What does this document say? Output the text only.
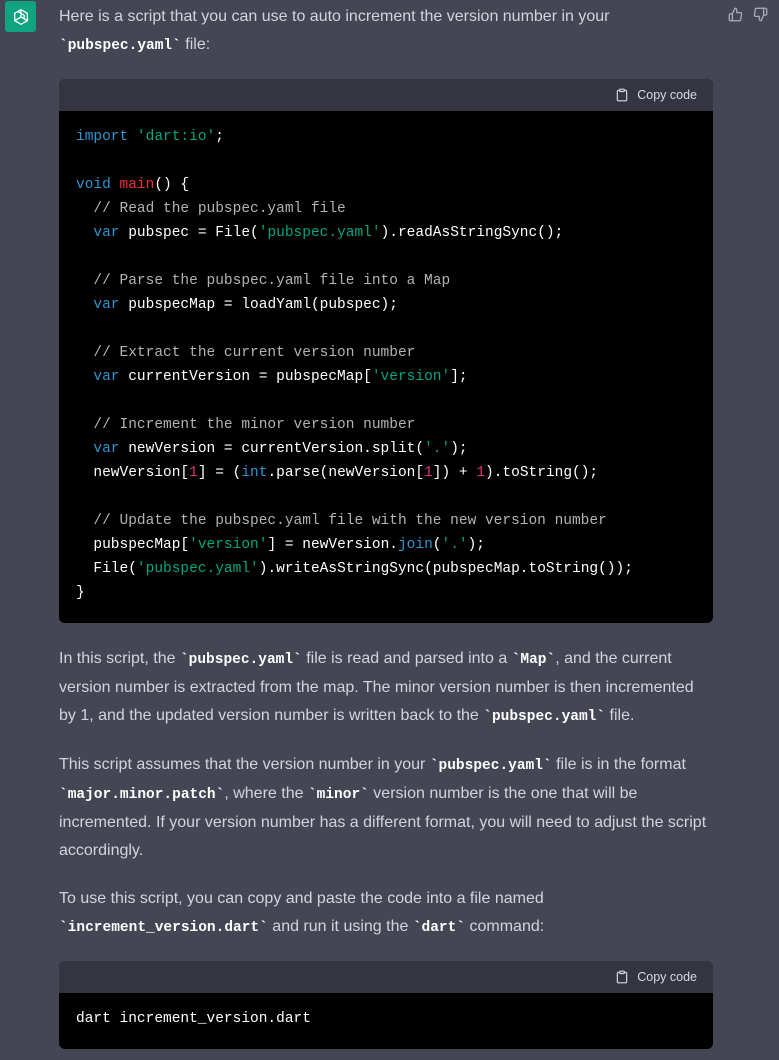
Here is a script that you can use to auto increment the version number in your
`pubspec.yaml` file:

Copy code
import 'dart:io';

void main() {
// Read the pubspec.yaml file
var pubspec = File('pubspec.yaml').readAsStringSync();

// Parse the pubspec.yaml file into a Map
var pubspecMap = loadYaml(pubspec);

// Extract the current version number
var currentVersion = pubspecMap['version'];

// Increment the minor version number
var newVersion = currentVersion.split('.');
newVersion[1] = (int.parse(newVersion[1]) + 1).toString();

// Update the pubspec.yaml file with the new version number
pubspecMap['version'] = newVersion.join('.');
File('pubspec.yaml').writeAsStringSync(pubspecMap.toString());
}

In this script, the `pubspec.yaml` file is read and parsed into a `Map`, and the current version number is extracted from the map. The minor version number is then incremented by 1, and the updated version number is written back to the `pubspec.yaml` file.

This script assumes that the version number in your `pubspec.yaml` file is in the format `major.minor.patch`, where the `minor` version number is the one that will be incremented. If your version number has a different format, you will need to adjust the script accordingly.

To use this script, you can copy and paste the code into a file named `increment_version.dart` and run it using the `dart` command:

Copy code
dart increment_version.dart
